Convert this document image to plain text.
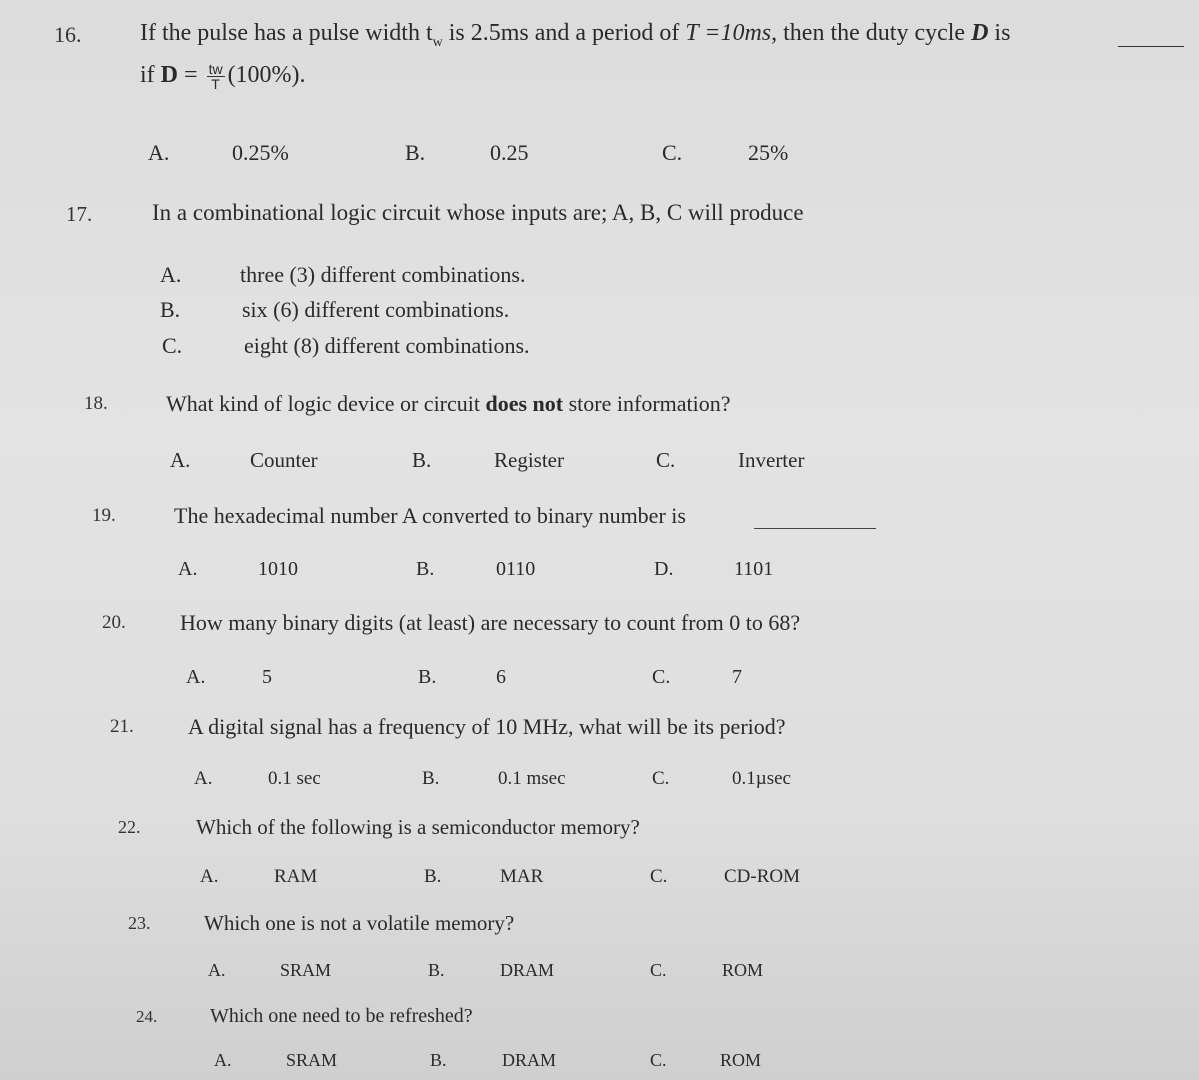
16. If the pulse has a pulse width $t_w$ is 2.5ms and a period of T =10ms, then the duty cycle D is
if $D = \frac{tw}{T} (100\%)$.
A.	0.25%	B.	0.25	C.	25%
17.	In a combinational logic circuit whose inputs are; A, B, C will produce
A.	three (3) different combinations.
B.	six (6) different combinations.
C.	eight (8) different combinations.
18.	What kind of logic device or circuit does not store information?
A.	Counter	B.	Register	C.	Inverter
19.	The hexadecimal number A converted to binary number is
A.	1010	B.	0110	D.	1101
20. How many binary digits (at least) are necessary to count from 0 to 68?
A.	5	B.	6	C.	7
21. A digital signal has a frequency of 10 MHz, what will be its period?
A.	0.1 sec	B.	0.1 msec	C.	0.1µsec
22.	Which of the following is a semiconductor memory?
A.	RAM	B.	MAR	C.	CD-ROM
23.	Which one is not a volatile memory?
A.	SRAM	B.	DRAM	C.	ROM
24.	Which one need to be refreshed?
A.	SRAM	B.	DRAM	C.	ROM
